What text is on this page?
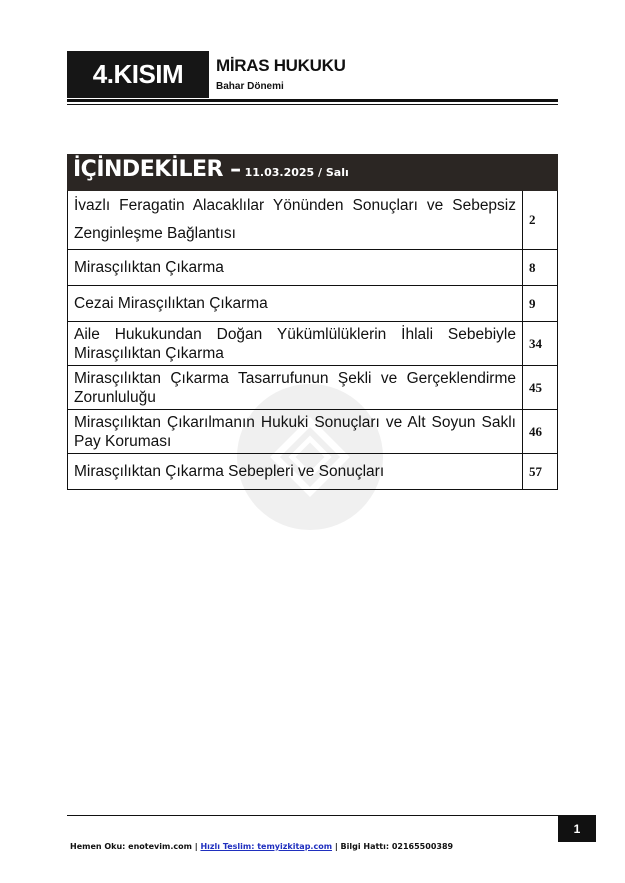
4.KISIM	MİRAS HUKUKU
Bahar Dönemi
İÇİNDEKİLER – 11.03.2025 / Salı
İvazlı Feragatin Alacaklılar Yönünden Sonuçları ve Sebepsiz Zenginleşme Bağlantısı	2
Mirasçılıktan Çıkarma	8
Cezai Mirasçılıktan Çıkarma	9
Aile Hukukundan Doğan Yükümlülüklerin İhlali Sebebiyle Mirasçılıktan Çıkarma	34
Mirasçılıktan Çıkarma Tasarrufunun Şekli ve Gerçeklendirme Zorunluluğu	45
Mirasçılıktan Çıkarılmanın Hukuki Sonuçları ve Alt Soyun Saklı Pay Koruması	46
Mirasçılıktan Çıkarma Sebepleri ve Sonuçları	57
1
Hemen Oku: enotevim.com | Hızlı Teslim: temyizkitap.com | Bilgi Hattı: 02165500389
